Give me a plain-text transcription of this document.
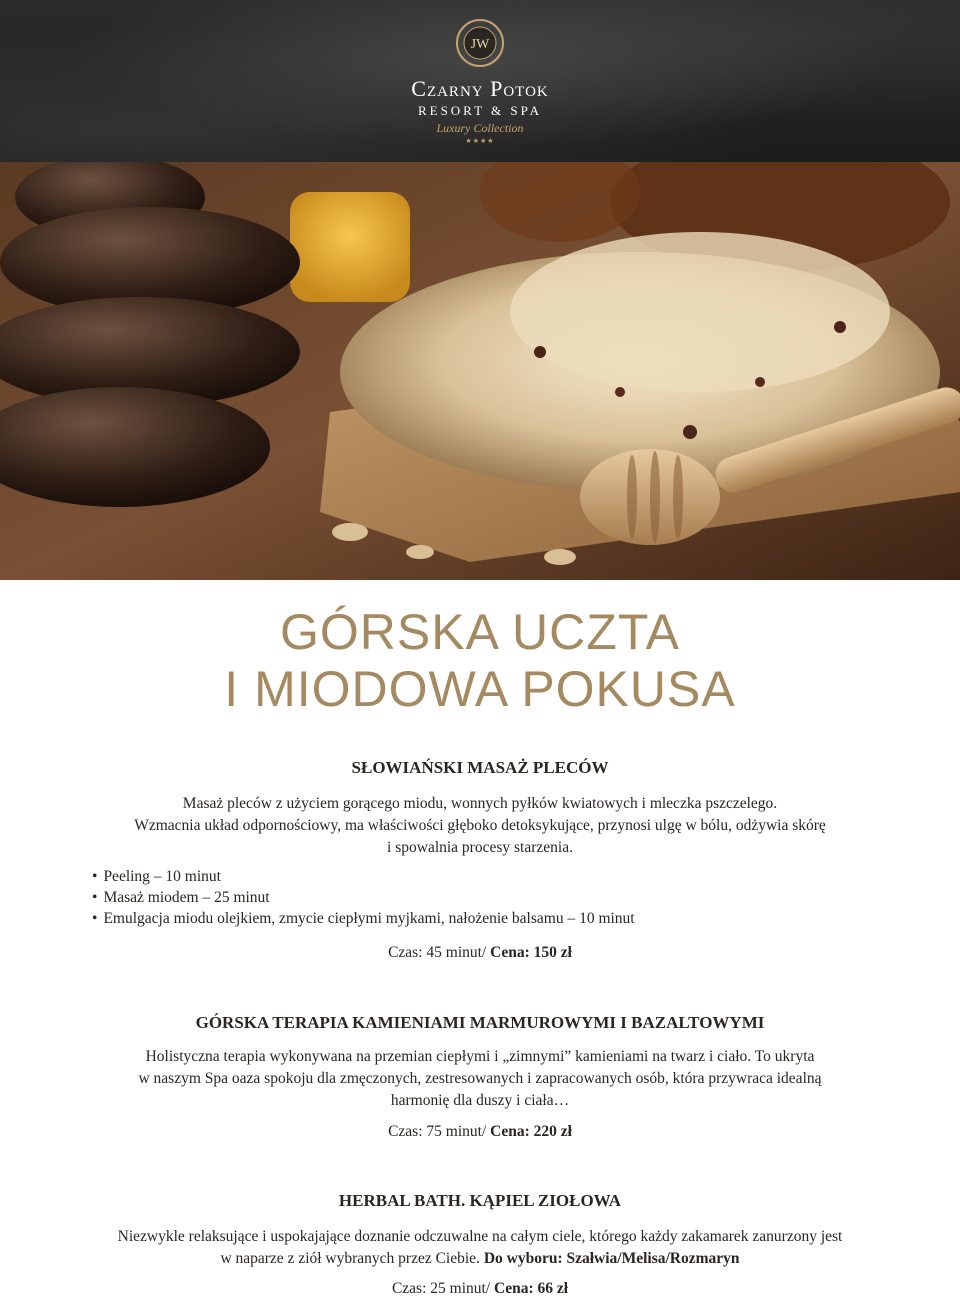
JW
Czarny Potok
RESORT & SPA
Luxury Collection
★★★★
GÓRSKA UCZTA
I MIODOWA POKUSA
SŁOWIAŃSKI MASAŻ PLECÓW
Masaż pleców z użyciem gorącego miodu, wonnych pyłków kwiatowych i mleczka pszczelego.
Wzmacnia układ odpornościowy, ma właściwości głęboko detoksykujące, przynosi ulgę w bólu, odżywia skórę
i spowalnia procesy starzenia.
• Peeling – 10 minut
• Masaż miodem – 25 minut
• Emulgacja miodu olejkiem, zmycie ciepłymi myjkami, nałożenie balsamu – 10 minut
Czas: 45 minut/ Cena: 150 zł
GÓRSKA TERAPIA KAMIENIAMI MARMUROWYMI I BAZALTOWYMI
Holistyczna terapia wykonywana na przemian ciepłymi i „zimnymi” kamieniami na twarz i ciało. To ukryta
w naszym Spa oaza spokoju dla zmęczonych, zestresowanych i zapracowanych osób, która przywraca idealną
harmonię dla duszy i ciała…
Czas: 75 minut/ Cena: 220 zł
HERBAL BATH. KĄPIEL ZIOŁOWA
Niezwykle relaksujące i uspokajające doznanie odczuwalne na całym ciele, którego każdy zakamarek zanurzony jest
w naparze z ziół wybranych przez Ciebie. Do wyboru: Szałwia/Melisa/Rozmaryn
Czas: 25 minut/ Cena: 66 zł
